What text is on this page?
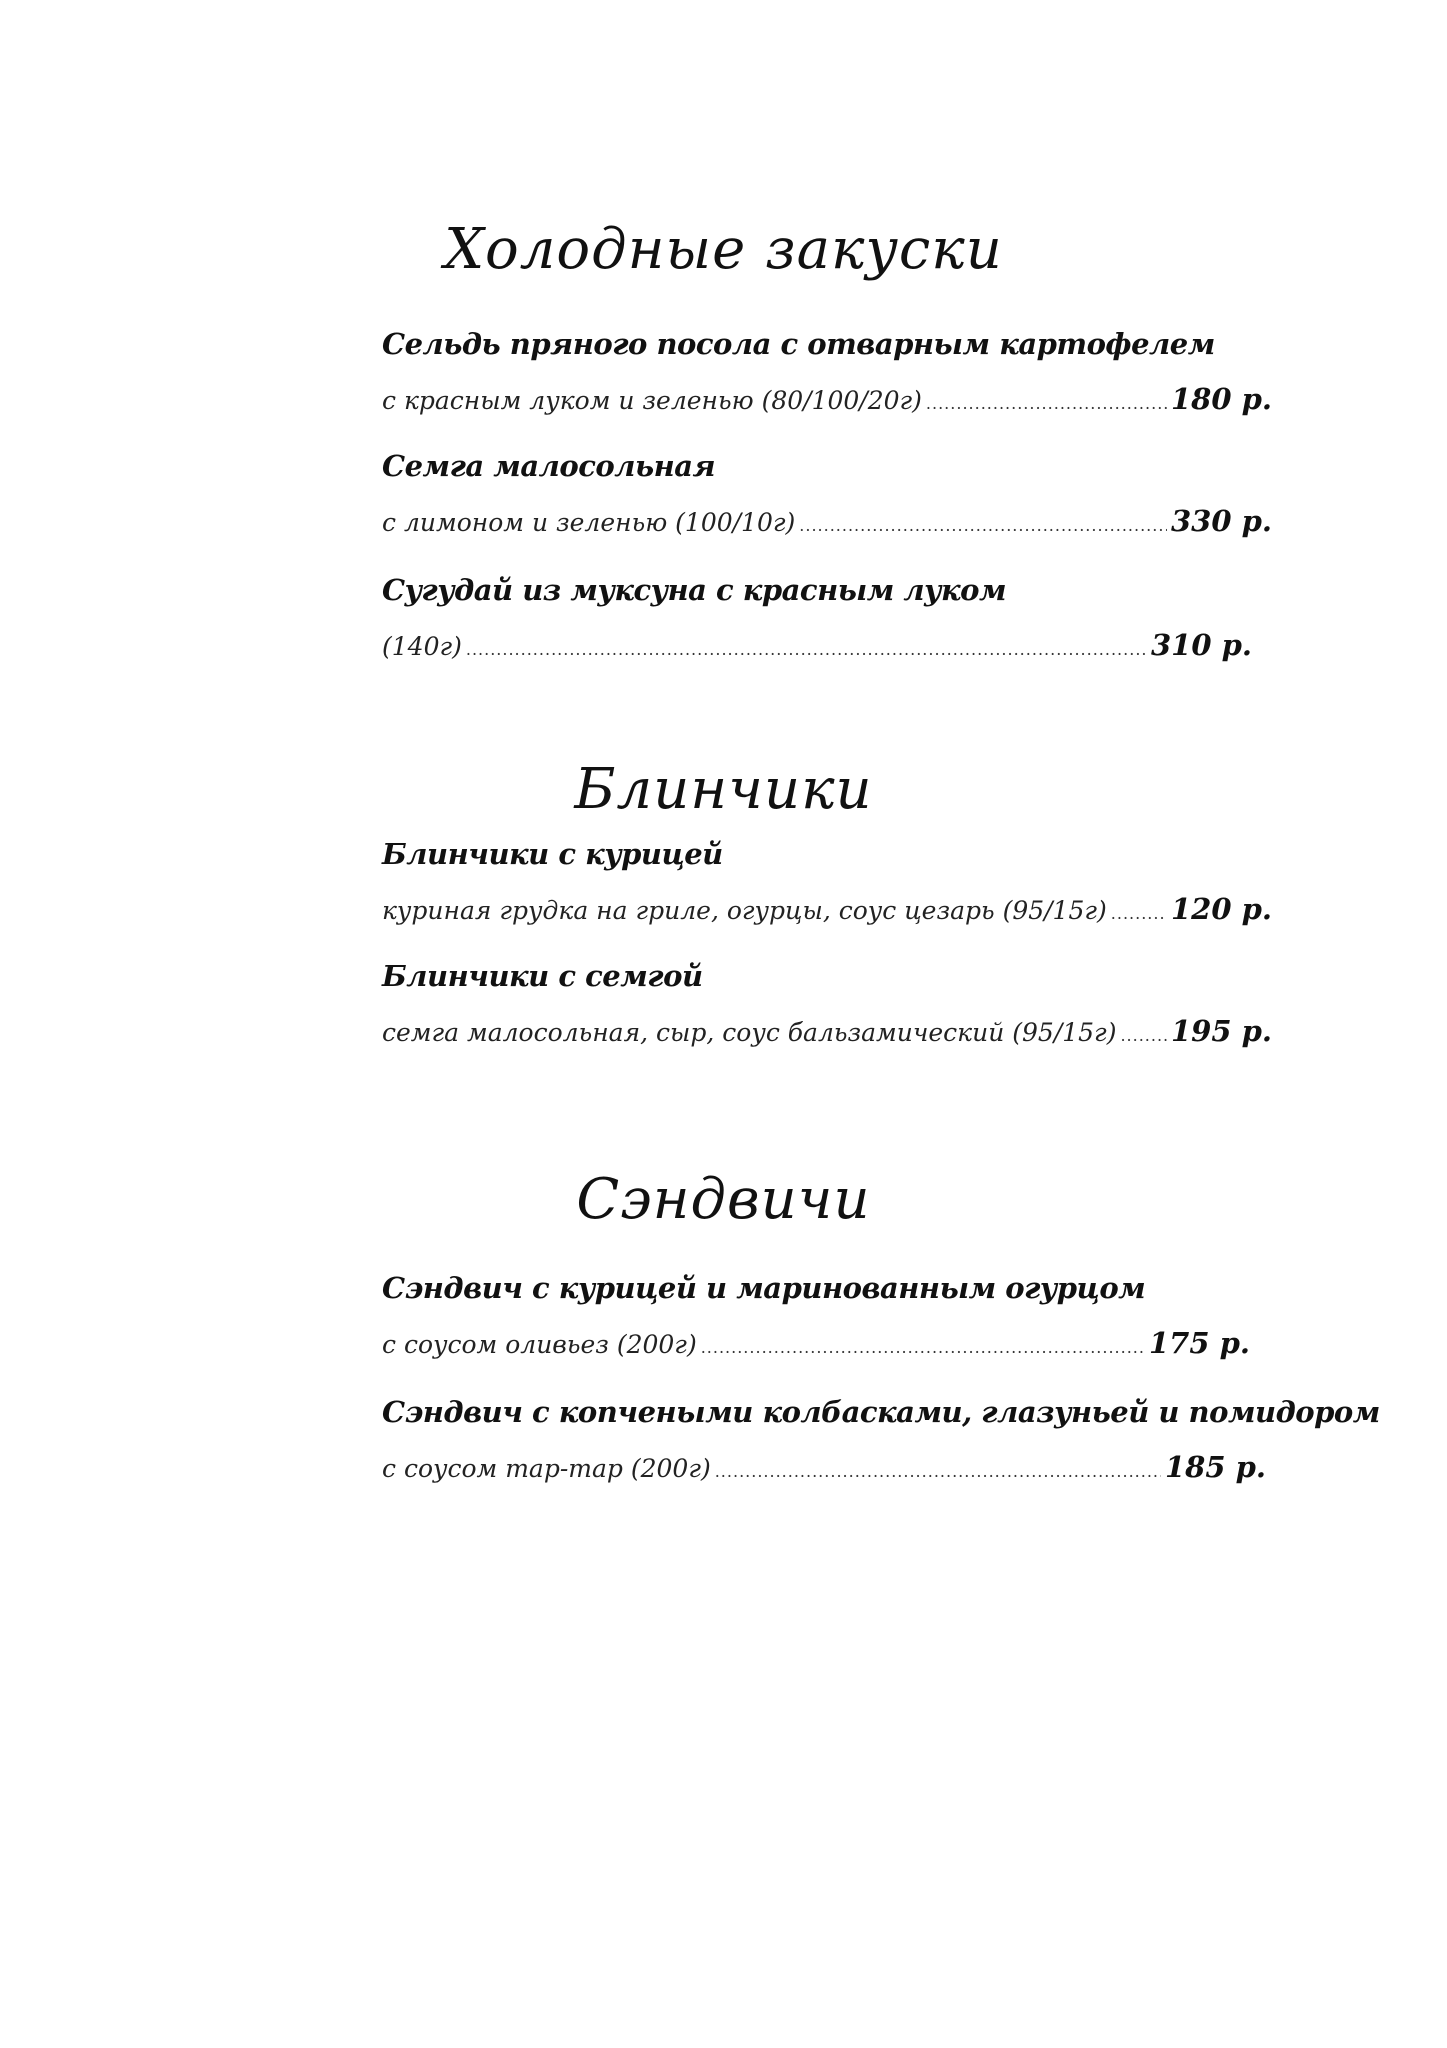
Холодные закуски
Сельдь пряного посола с отварным картофелем
с красным луком и зеленью (80/100/20г) .....	180 р.
Семга малосольная
с лимоном и зеленью (100/10г) .....	330 р.
Сугудай из муксуна с красным луком
(140г) .....	310 р.
Блинчики
Блинчики с курицей
куриная грудка на гриле, огурцы, соус цезарь (95/15г) ..... 120 р.
Блинчики с семгой
семга малосольная, сыр, соус бальзамический (95/15г) ..... 195 р.
Сэндвичи
Сэндвич с курицей и маринованным огурцом
с соусом оливьез (200г) .....	175 р.
Сэндвич с копчеными колбасками, глазуньей и помидором
с соусом тар-тар (200г) .....	185 р.
